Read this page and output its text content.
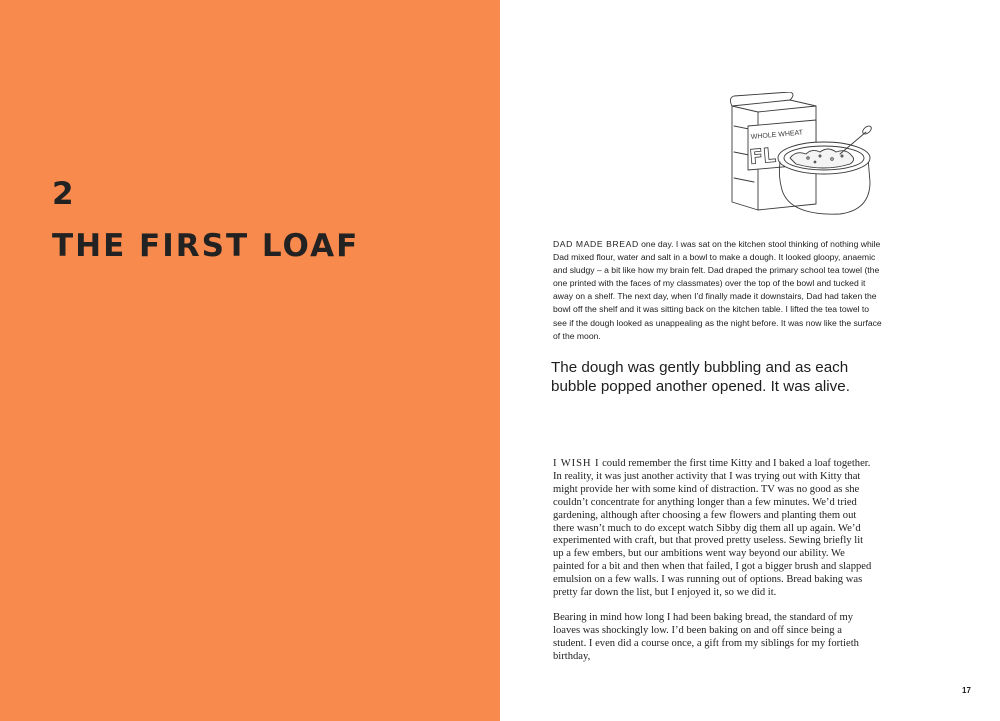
2
THE FIRST LOAF
WHOLE WHEAT
FL

DAD MADE BREAD one day. I was sat on the kitchen stool thinking of nothing while Dad mixed flour, water and salt in a bowl to make a dough. It looked gloopy, anaemic and sludgy – a bit like how my brain felt. Dad draped the primary school tea towel (the one printed with the faces of my classmates) over the top of the bowl and tucked it away on a shelf. The next day, when I’d finally made it downstairs, Dad had taken the bowl off the shelf and it was sitting back on the kitchen table. I lifted the tea towel to see if the dough looked as unappealing as the night before. It was now like the surface of the moon.

The dough was gently bubbling and as each bubble popped another opened. It was alive.

I WISH I could remember the first time Kitty and I baked a loaf together. In reality, it was just another activity that I was trying out with Kitty that might provide her with some kind of distraction. TV was no good as she couldn’t concentrate for anything longer than a few minutes. We’d tried gardening, although after choosing a few flowers and planting them out there wasn’t much to do except watch Sibby dig them all up again. We’d experimented with craft, but that proved pretty useless. Sewing briefly lit up a few embers, but our ambitions went way beyond our ability. We painted for a bit and then when that failed, I got a bigger brush and slapped emulsion on a few walls. I was running out of options. Bread baking was pretty far down the list, but I enjoyed it, so we did it.

Bearing in mind how long I had been baking bread, the standard of my loaves was shockingly low. I’d been baking on and off since being a student. I even did a course once, a gift from my siblings for my fortieth birthday,

17
